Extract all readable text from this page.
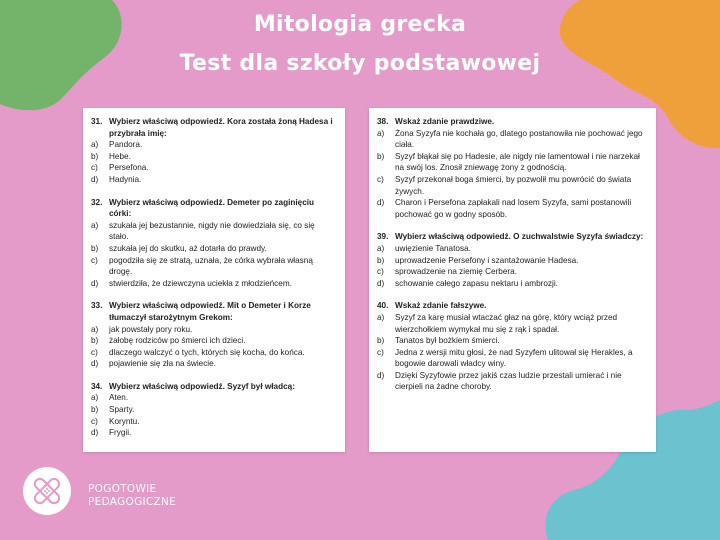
Mitologia grecka
Test dla szkoły podstawowej
31. Wybierz właściwą odpowiedź. Kora została żoną Hadesa i przybrała imię:
a)	Pandora.
b)	Hebe.
c)	Persefona.
d)	Hadynia.
32. Wybierz właściwą odpowiedź. Demeter po zaginięciu córki:
a)	szukała jej bezustannie, nigdy nie dowiedziała się, co się stało.
b)	szukała jej do skutku, aż dotarła do prawdy.
c)	pogodziła się ze stratą, uznała, że córka wybrała własną drogę.
d)	stwierdziła, że dziewczyna uciekła z młodzieńcem.
33. Wybierz właściwą odpowiedź. Mit o Demeter i Korze tłumaczył starożytnym Grekom:
a)	jak powstały pory roku.
b)	żałobę rodziców po śmierci ich dzieci.
c)	dlaczego walczyć o tych, których się kocha, do końca.
d)	pojawienie się zła na świecie.
34. Wybierz właściwą odpowiedź. Syzyf był władcą:
a)	Aten.
b)	Sparty.
c)	Koryntu.
d)	Frygii.
38. Wskaż zdanie prawdziwe.
a)	Żona Syzyfa nie kochała go, dlatego postanowiła nie pochować jego ciała.
b)	Syzyf błąkał się po Hadesie, ale nigdy nie lamentował i nie narzekał na swój los. Znosił zniewagę żony z godnością.
c)	Syzyf przekonał boga śmierci, by pozwolił mu powrócić do świata żywych.
d)	Charon i Persefona zapłakali nad losem Syzyfa, sami postanowili pochować go w godny sposób.
39. Wybierz właściwą odpowiedź. O zuchwalstwie Syzyfa świadczy:
a)	uwięzienie Tanatosa.
b)	uprowadzenie Persefony i szantażowanie Hadesa.
c)	sprowadzenie na ziemię Cerbera.
d)	schowanie całego zapasu nektaru i ambrozji.
40. Wskaż zdanie fałszywe.
a)	Syzyf za karę musiał wtaczać głaz na górę, który wciąż przed wierzchołkiem wymykał mu się z rąk i spadał.
b)	Tanatos był bożkiem śmierci.
c)	Jedna z wersji mitu głosi, że nad Syzyfem ulitował się Herakles, a bogowie darowali władcy winy.
d)	Dzięki Syzyfowie przez jakiś czas ludzie przestali umierać i nie cierpieli na żadne choroby.
POGOTOWIE
PEDAGOGICZNE
